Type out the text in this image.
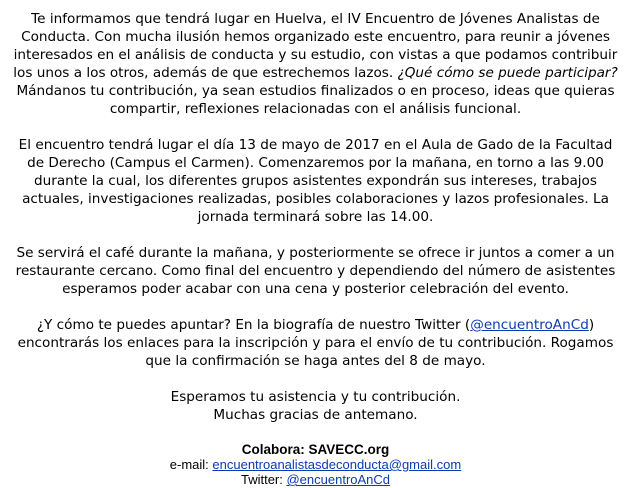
Te informamos que tendrá lugar en Huelva, el IV Encuentro de Jóvenes Analistas de Conducta. Con mucha ilusión hemos organizado este encuentro, para reunir a jóvenes interesados en el análisis de conducta y su estudio, con vistas a que podamos contribuir los unos a los otros, además de que estrechemos lazos. ¿Qué cómo se puede participar? Mándanos tu contribución, ya sean estudios finalizados o en proceso, ideas que quieras compartir, reflexiones relacionadas con el análisis funcional.

El encuentro tendrá lugar el día 13 de mayo de 2017 en el Aula de Gado de la Facultad de Derecho (Campus el Carmen). Comenzaremos por la mañana, en torno a las 9.00 durante la cual, los diferentes grupos asistentes expondrán sus intereses, trabajos actuales, investigaciones realizadas, posibles colaboraciones y lazos profesionales. La jornada terminará sobre las 14.00.

Se servirá el café durante la mañana, y posteriormente se ofrece ir juntos a comer a un restaurante cercano. Como final del encuentro y dependiendo del número de asistentes esperamos poder acabar con una cena y posterior celebración del evento.

¿Y cómo te puedes apuntar? En la biografía de nuestro Twitter (@encuentroAnCd) encontrarás los enlaces para la inscripción y para el envío de tu contribución. Rogamos que la confirmación se haga antes del 8 de mayo.

Esperamos tu asistencia y tu contribución.
Muchas gracias de antemano.

Colabora: SAVECC.org
e-mail: encuentroanalistasdeconducta@gmail.com
Twitter: @encuentroAnCd
